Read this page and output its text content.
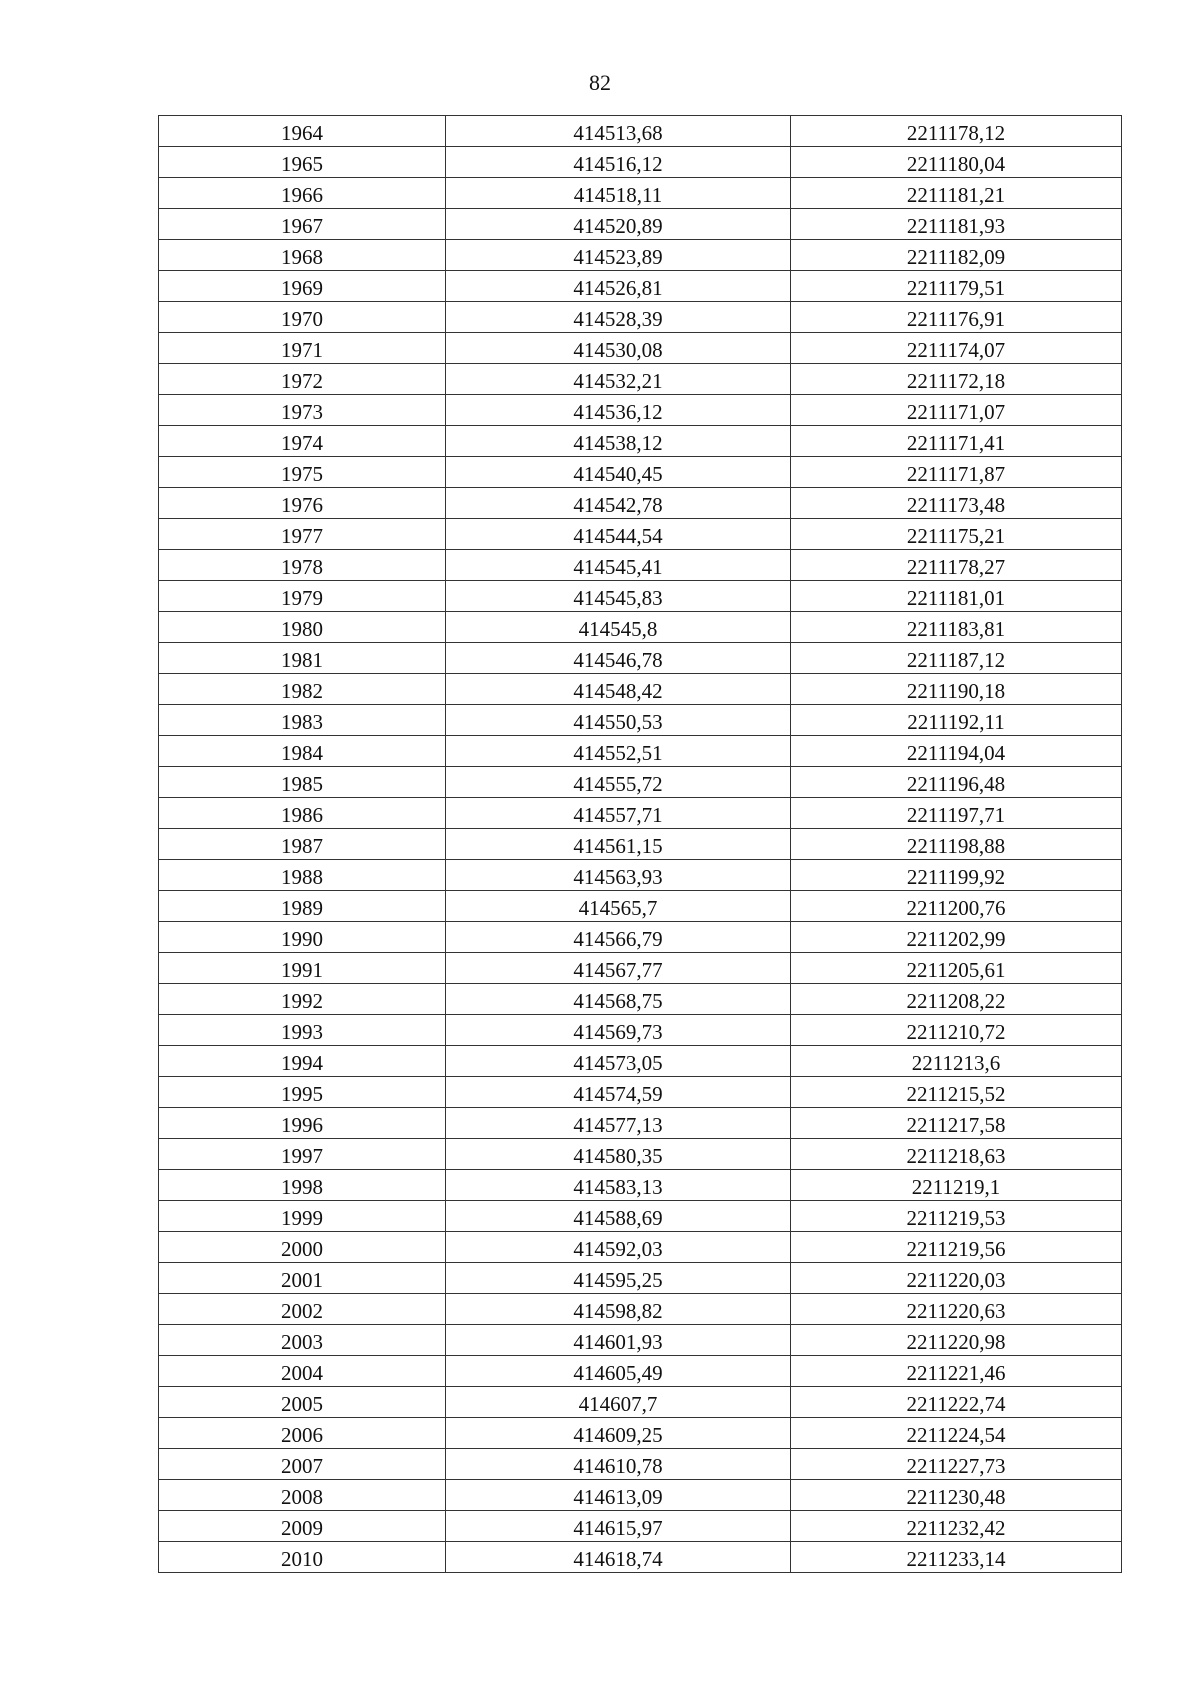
82
1964	414513,68	2211178,12
1965	414516,12	2211180,04
1966	414518,11	2211181,21
1967	414520,89	2211181,93
1968	414523,89	2211182,09
1969	414526,81	2211179,51
1970	414528,39	2211176,91
1971	414530,08	2211174,07
1972	414532,21	2211172,18
1973	414536,12	2211171,07
1974	414538,12	2211171,41
1975	414540,45	2211171,87
1976	414542,78	2211173,48
1977	414544,54	2211175,21
1978	414545,41	2211178,27
1979	414545,83	2211181,01
1980	414545,8	2211183,81
1981	414546,78	2211187,12
1982	414548,42	2211190,18
1983	414550,53	2211192,11
1984	414552,51	2211194,04
1985	414555,72	2211196,48
1986	414557,71	2211197,71
1987	414561,15	2211198,88
1988	414563,93	2211199,92
1989	414565,7	2211200,76
1990	414566,79	2211202,99
1991	414567,77	2211205,61
1992	414568,75	2211208,22
1993	414569,73	2211210,72
1994	414573,05	2211213,6
1995	414574,59	2211215,52
1996	414577,13	2211217,58
1997	414580,35	2211218,63
1998	414583,13	2211219,1
1999	414588,69	2211219,53
2000	414592,03	2211219,56
2001	414595,25	2211220,03
2002	414598,82	2211220,63
2003	414601,93	2211220,98
2004	414605,49	2211221,46
2005	414607,7	2211222,74
2006	414609,25	2211224,54
2007	414610,78	2211227,73
2008	414613,09	2211230,48
2009	414615,97	2211232,42
2010	414618,74	2211233,14
